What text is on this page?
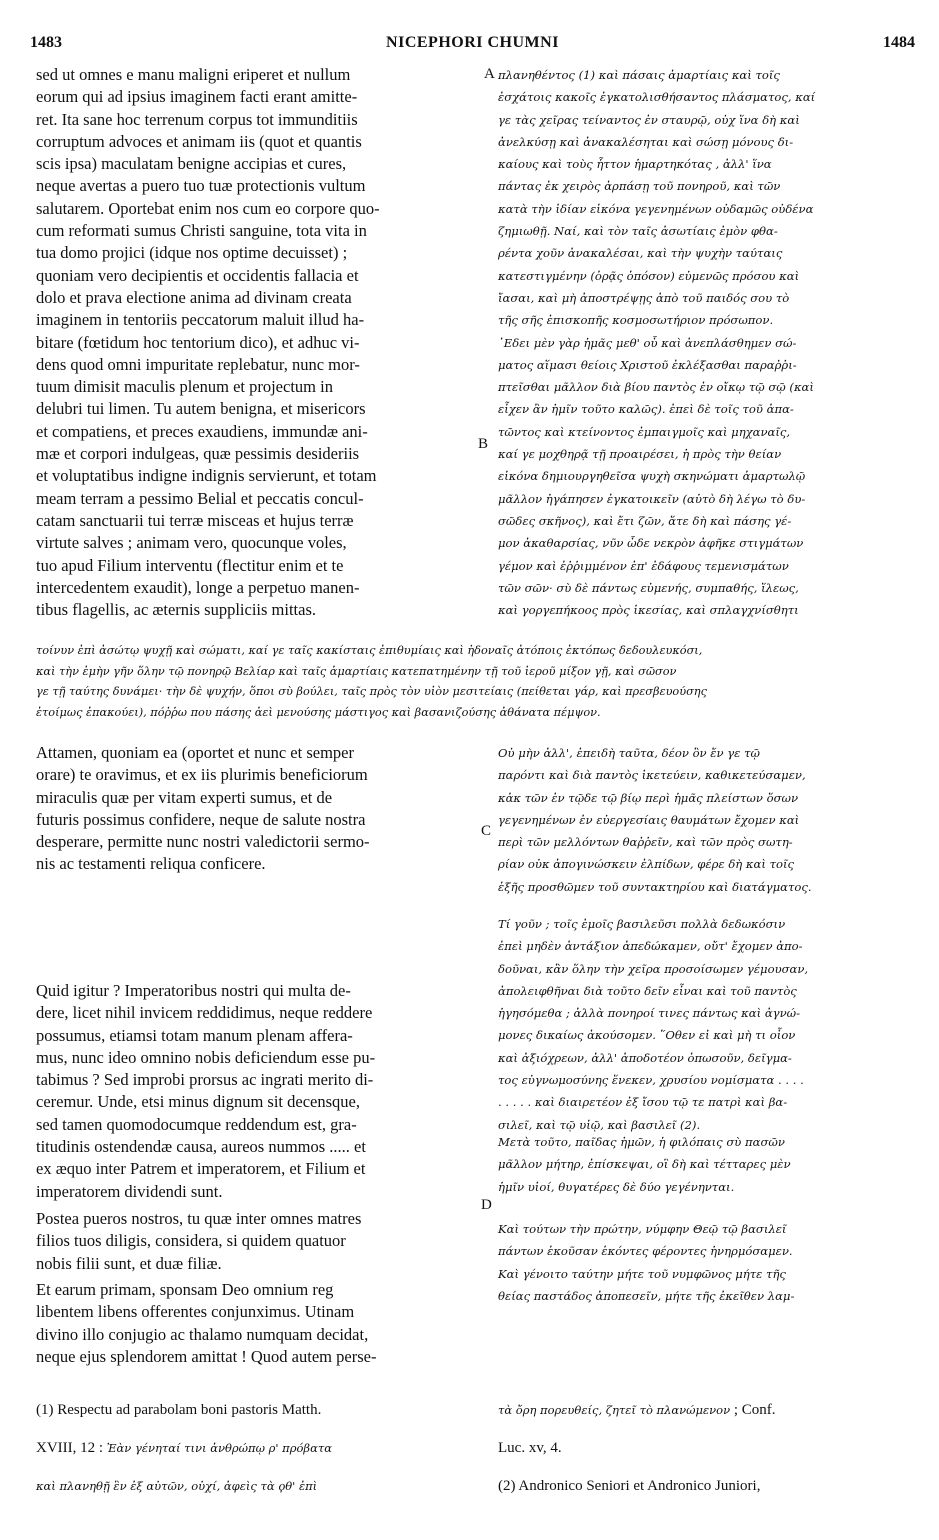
1483	NICEPHORI CHUMNI	1484
sed ut omnes e manu maligni eriperet et nullum
eorum qui ad ipsius imaginem facti erant amitte-
ret. Ita sane hoc terrenum corpus tot immunditiis
corruptum advoces et animam iis (quot et quantis
scis ipsa) maculatam benigne accipias et cures,
neque avertas a puero tuo tuæ protectionis vultum
salutarem. Oportebat enim nos cum eo corpore quo-
cum reformati sumus Christi sanguine, tota vita in
tua domo projici (idque nos optime decuisset) ;
quoniam vero decipientis et occidentis fallacia et
dolo et prava electione anima ad divinam creata
imaginem in tentoriis peccatorum maluit illud ha-
bitare (fœtidum hoc tentorium dico), et adhuc vi-
dens quod omni impuritate replebatur, nunc mor-
tuum dimisit maculis plenum et projectum in
delubri tui limen. Tu autem benigna, et misericors
et compatiens, et preces exaudiens, immundæ ani-
mæ et corpori indulgeas, quæ pessimis desideriis
et voluptatibus indigne indignis servierunt, et totam
meam terram a pessimo Belial et peccatis concul-
catam sanctuarii tui terræ misceas et hujus terræ
virtute salves ; animam vero, quocunque voles,
tuo apud Filium interventu (flectitur enim et te
intercedentem exaudit), longe a perpetuo manen-
tibus flagellis, ac æternis suppliciis mittas.
Attamen, quoniam ea (oportet et nunc et semper
orare) te oravimus, et ex iis plurimis beneficiorum
miraculis quæ per vitam experti sumus, et de
futuris possimus confidere, neque de salute nostra
desperare, permitte nunc nostri valedictorii sermo-
nis ac testamenti reliqua conficere.
Quid igitur ? Imperatoribus nostri qui multa de-
dere, licet nihil invicem reddidimus, neque reddere
possumus, etiamsi totam manum plenam afferа-
mus, nunc ideo omnino nobis deficiendum esse pu-
tabimus ? Sed improbi prorsus ac ingrati merito di-
ceremur. Unde, etsi minus dignum sit decensque,
sed tamen quomodocumque reddendum est, gra-
titudinis ostendendæ causa, aureos nummos ..... et
ex æquo inter Patrem et imperatorem, et Filium et
imperatorem dividendi sunt.
Postea pueros nostros, tu quæ inter omnes matres
filios tuos diligis, considera, si quidem quatuor
nobis filii sunt, et duæ filiæ.
Et earum primam, sponsam Deo omnium reg
libentem libens offerentes conjunximus. Utinam
divino illo conjugio ac thalamo numquam decidat,
neque ejus splendorem amittat ! Quod autem perse-
A
B
C
D
πλανηθέντος (1) καὶ πάσαις ἁμαρτίαις καὶ τοῖς
ἐσχάτοις κακοῖς ἐγκατολισθήσαντος πλάσματος, καί
γε τὰς χεῖρας τείναντος ἐν σταυρῷ, οὐχ ἵνα δὴ καὶ
ἀνελκύσῃ καὶ ἀνακαλέσηται καὶ σώσῃ μόνους δι-
καίους καὶ τοὺς ἧττον ἡμαρτηκότας , ἀλλ' ἵνα
πάντας ἐκ χειρὸς ἁρπάσῃ τοῦ πονηροῦ, καὶ τῶν
κατὰ τὴν ἰδίαν εἰκόνα γεγενημένων οὐδαμῶς οὐδένα
ζημιωθῇ. Ναί, καὶ τὸν ταῖς ἀσωτίαις ἐμὸν φθα-
ρέντα χοῦν ἀνακαλέσαι, καὶ τὴν ψυχὴν ταύταις
κατεστιγμένην (ὁρᾷς ὁπόσον) εὐμενῶς πρόσου καὶ
ἴασαι, καὶ μὴ ἀποστρέψῃς ἀπὸ τοῦ παιδός σου τὸ
τῆς σῆς ἐπισκοπῆς κοσμοσωτήριον πρόσωπον.
᾿Εδει μὲν γὰρ ἡμᾶς μεθ' οὗ καὶ ἀνεπλάσθημεν σώ-
ματος αἵμασι θείοις Χριστοῦ ἐκλέξασθαι παραῤῥι-
πτεῖσθαι μᾶλλον διὰ βίου παντὸς ἐν οἴκῳ τῷ σῷ (καὶ
εἶχεν ἂν ἡμῖν τοῦτο καλῶς). ἐπεὶ δὲ τοῖς τοῦ ἀπα-
τῶντος καὶ κτείνοντος ἐμπαιγμοῖς καὶ μηχαναῖς,
καί γε μοχθηρᾷ τῇ προαιρέσει, ἡ πρὸς τὴν θείαν
εἰκόνα δημιουργηθεῖσα ψυχὴ σκηνώματι ἁμαρτωλῷ
μᾶλλον ἠγάπησεν ἐγκατοικεῖν (αὐτὸ δὴ λέγω τὸ δυ-
σῶδες σκῆνος), καὶ ἔτι ζῶν, ἅτε δὴ καὶ πάσης γέ-
μον ἀκαθαρσίας, νῦν ὧδε νεκρὸν ἀφῆκε στιγμάτων
γέμον καὶ ἐῤῥιμμένον ἐπ' ἐδάφους τεμενισμάτων
τῶν σῶν· σὺ δὲ πάντως εὐμενής, συμπαθής, ἵλεως,
καὶ γοργεπήκοος πρὸς ἱκεσίας, καὶ σπλαγχνίσθητι
τοίνυν ἐπὶ ἀσώτῳ ψυχῇ καὶ σώματι, καί γε ταῖς κακίσταις ἐπιθυμίαις καὶ ἡδοναῖς ἀτόποις ἐκτόπως δεδουλευκόσι,
καὶ τὴν ἐμὴν γῆν ὅλην τῷ πονηρῷ Βελίαρ καὶ ταῖς ἁμαρτίαις κατεπατημένην τῇ τοῦ ἱεροῦ μίξον γῇ, καὶ σῶσον
γε τῇ ταύτης δυνάμει· τὴν δὲ ψυχήν, ὅποι σὺ βούλει, ταῖς πρὸς τὸν υἱὸν μεσιτείαις (πείθεται γάρ, καὶ πρεσβευούσης
ἑτοίμως ἐπακούει), πόῤῥω που πάσης ἀεὶ μενούσης μάστιγος καὶ βασανιζούσης ἀθάνατα πέμψον.
Οὐ μὴν ἀλλ', ἐπειδὴ ταῦτα, δέον ὂν ἔν γε τῷ
παρόντι καὶ διὰ παντὸς ἱκετεύειν, καθικετεύσαμεν,
κἀκ τῶν ἐν τῷδε τῷ βίῳ περὶ ἡμᾶς πλείστων ὅσων
γεγενημένων ἐν εὐεργεσίαις θαυμάτων ἔχομεν καὶ
περὶ τῶν μελλόντων θαῤῥεῖν, καὶ τῶν πρὸς σωτη-
ρίαν οὐκ ἀπογινώσκειν ἐλπίδων, φέρε δὴ καὶ τοῖς
ἑξῆς προσθῶμεν τοῦ συντακτηρίου καὶ διατάγματος.
Τί γοῦν ; τοῖς ἐμοῖς βασιλεῦσι πολλὰ δεδωκόσιν
ἐπεὶ μηδὲν ἀντάξιον ἀπεδώκαμεν, οὔτ' ἔχομεν ἀπο-
δοῦναι, κἂν ὅλην τὴν χεῖρα προσοίσωμεν γέμουσαν,
ἀπολειφθῆναι διὰ τοῦτο δεῖν εἶναι καὶ τοῦ παντὸς
ἡγησόμεθα ; ἀλλὰ πονηροί τινες πάντως καὶ ἀγνώ-
μονες δικαίως ἀκούσομεν. ῞Οθεν εἰ καὶ μὴ τι οἷον
καὶ ἀξιόχρεων, ἀλλ' ἀποδοτέον ὁπωσοῦν, δεῖγμα-
τος εὐγνωμοσύνης ἕνεκεν, χρυσίου νομίσματα . . . .
. . . . . καὶ διαιρετέον ἐξ ἴσου τῷ τε πατρὶ καὶ βα-
σιλεῖ, καὶ τῷ υἱῷ, καὶ βασιλεῖ (2).
Μετὰ τοῦτο, παῖδας ἡμῶν, ἡ φιλόπαις σὺ πασῶν
μᾶλλον μήτηρ, ἐπίσκεψαι, οἳ δὴ καὶ τέτταρες μὲν
ἡμῖν υἱοί, θυγατέρες δὲ δύο γεγένηνται.
Καὶ τούτων τὴν πρώτην, νύμφην Θεῷ τῷ βασιλεῖ
πάντων ἑκοῦσαν ἑκόντες φέροντες ἡνηρμόσαμεν.
Καὶ γένοιτο ταύτην μήτε τοῦ νυμφῶνος μήτε τῆς
θείας παστάδος ἀποπεσεῖν, μήτε τῆς ἐκεῖθεν λαμ-

(1) Respectu ad parabolam boni pastoris Matth.

XVIII, 12 : Ἐὰν γένηταί τινι ἀνθρώπῳ ρ' πρόβατα

καὶ πλανηθῇ ἓν ἐξ αὐτῶν, οὐχί, ἀφεὶς τὰ ϙθ' ἐπὶ

τὰ ὄρη πορευθείς, ζητεῖ τὸ πλανώμενον ; Conf.

Luc. xv, 4.

(2) Andronico Seniori et Andronico Juniori,
